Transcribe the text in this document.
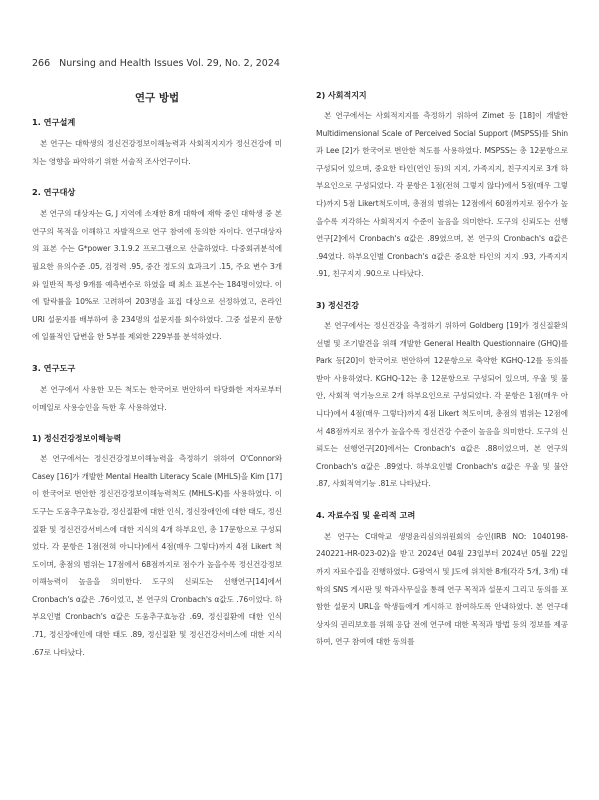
266 Nursing and Health Issues Vol. 29, No. 2, 2024
연구 방법
1. 연구설계

본 연구는 대학생의 정신건강정보이해능력과 사회적지지가 정신건강에 미치는 영향을 파악하기 위한 서술적 조사연구이다.

2. 연구대상

본 연구의 대상자는 G, J 지역에 소재한 8개 대학에 재학 중인 대학생 중 본 연구의 목적을 이해하고 자발적으로 연구 참여에 동의한 자이다. 연구대상자의 표본 수는 G*power 3.1.9.2 프로그램으로 산출하였다. 다중회귀분석에 필요한 유의수준 .05, 검정력 .95, 중간 정도의 효과크기 .15, 주요 변수 3개와 일반적 특성 9개를 예측변수로 하였을 때 최소 표본수는 184명이었다. 이에 탈락률을 10%로 고려하여 203명을 표집 대상으로 선정하였고, 온라인 URI 설문지를 배부하여 총 234명의 설문지를 회수하였다. 그중 설문지 문항에 일률적인 답변을 한 5부를 제외한 229부를 분석하였다.

3. 연구도구

본 연구에서 사용한 모든 척도는 한국어로 번안하여 타당화한 저자로부터 이메일로 사용승인을 득한 후 사용하였다.

1) 정신건강정보이해능력

본 연구에서는 정신건강정보이해능력을 측정하기 위하여 O'Connor와 Casey [16]가 개발한 Mental Health Literacy Scale (MHLS)을 Kim [17]이 한국어로 번안한 정신건강정보이해능력척도 (MHLS-K)를 사용하였다. 이 도구는 도움추구효능감, 정신질환에 대한 인식, 정신장애인에 대한 태도, 정신질환 및 정신건강서비스에 대한 지식의 4개 하부요인, 총 17문항으로 구성되었다. 각 문항은 1점(전혀 아니다)에서 4점(매우 그렇다)까지 4점 Likert 척도이며, 총점의 범위는 17점에서 68점까지로 점수가 높을수록 정신건강정보이해능력이 높음을 의미한다. 도구의 신뢰도는 선행연구[14]에서 Cronbach's α값은 .76이었고, 본 연구의 Cronbach's α값도 .76이었다. 하부요인별 Cronbach's α값은 도움추구효능감 .69, 정신질환에 대한 인식 .71, 정신장애인에 대한 태도 .89, 정신질환 및 정신건강서비스에 대한 지식 .67로 나타났다.

2) 사회적지지

본 연구에서는 사회적지지를 측정하기 위하여 Zimet 등 [18]이 개발한 Multidimensional Scale of Perceived Social Support (MSPSS)를 Shin과 Lee [2]가 한국어로 번안한 척도를 사용하였다. MSPSS는 총 12문항으로 구성되어 있으며, 중요한 타인(연인 등)의 지지, 가족지지, 친구지지로 3개 하부요인으로 구성되었다. 각 문항은 1점(전혀 그렇지 않다)에서 5점(매우 그렇다)까지 5점 Likert척도이며, 총점의 범위는 12점에서 60점까지로 점수가 높을수록 지각하는 사회적지지 수준이 높음을 의미한다. 도구의 신뢰도는 선행연구[2]에서 Cronbach's α값은 .89였으며, 본 연구의 Cronbach's α값은 .94였다. 하부요인별 Cronbach's α값은 중요한 타인의 지지 .93, 가족지지 .91, 친구지지 .90으로 나타났다.

3) 정신건강

본 연구에서는 정신건강을 측정하기 위하여 Goldberg [19]가 정신질환의 선별 및 조기발견을 위해 개발한 General Health Questionnaire (GHQ)를 Park 등[20]이 한국어로 번안하여 12문항으로 축약한 KGHQ-12를 동의를 받아 사용하였다. KGHQ-12는 총 12문항으로 구성되어 있으며, 우울 및 불안, 사회적 역기능으로 2개 하부요인으로 구성되었다. 각 문항은 1점(매우 아니다)에서 4점(매우 그렇다)까지 4점 Likert 척도이며, 총점의 범위는 12점에서 48점까지로 점수가 높을수록 정신건강 수준이 높음을 의미한다. 도구의 신뢰도는 선행연구[20]에서는 Cronbach's α값은 .88이었으며, 본 연구의 Cronbach's α값은 .89였다. 하부요인별 Cronbach's α값은 우울 및 불안 .87, 사회적역기능 .81로 나타났다.

4. 자료수집 및 윤리적 고려

본 연구는 C대학교 생명윤리심의위원회의 승인(IRB NO: 1040198-240221-HR-023-02)을 받고 2024년 04월 23일부터 2024년 05월 22일까지 자료수집을 진행하였다. G광역시 및 J도에 위치한 8개(각각 5개, 3개) 대학의 SNS 게시판 및 학과사무실을 통해 연구 목적과 설문지 그리고 동의를 포함한 설문지 URL을 학생들에게 게시하고 참여하도록 안내하였다. 본 연구대상자의 권리보호를 위해 응답 전에 연구에 대한 목적과 방법 등의 정보를 제공하여, 연구 참여에 대한 동의를
